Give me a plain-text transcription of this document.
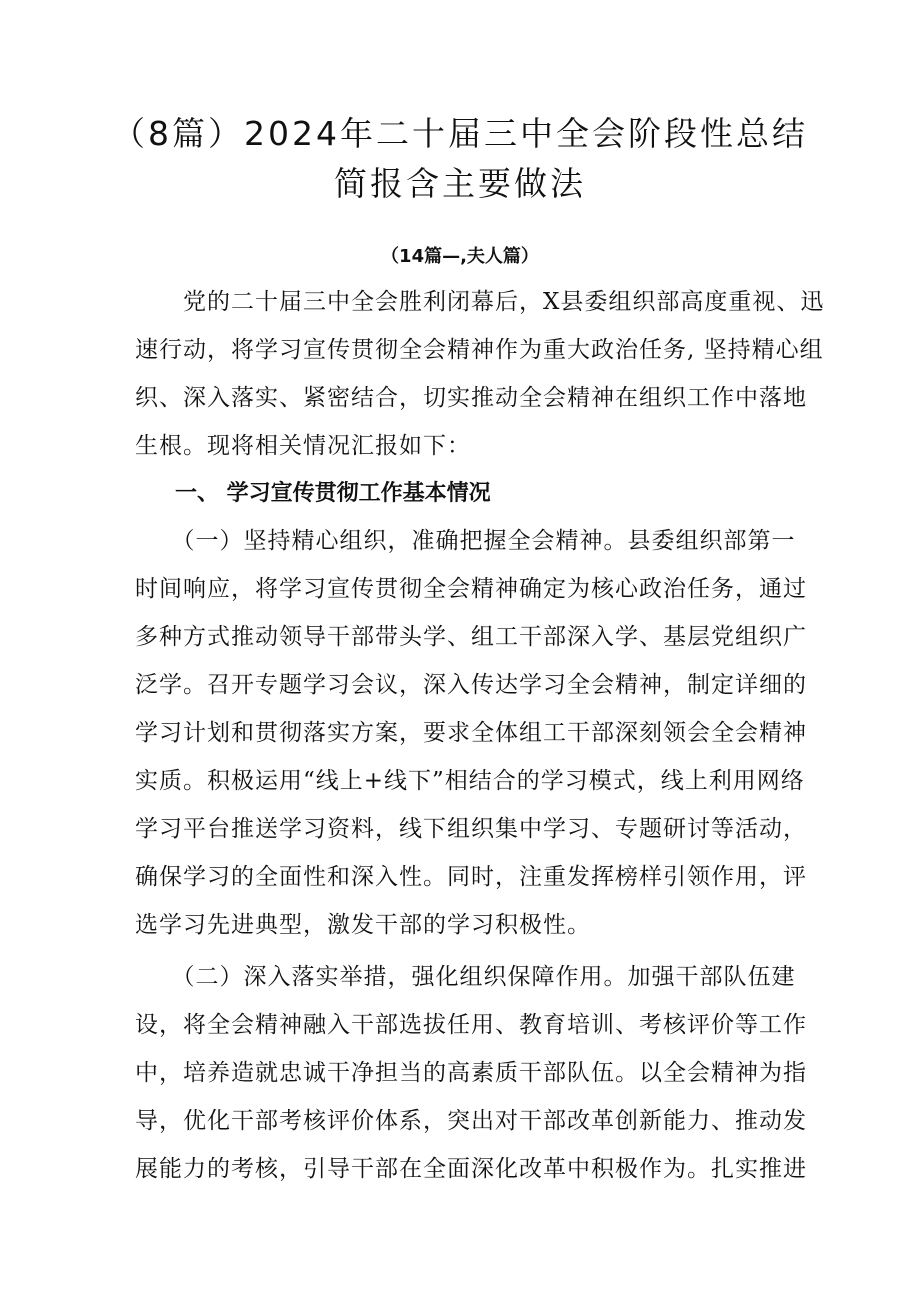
（8篇）2024年二十届三中全会阶段性总结
简报含主要做法
（14篇—,夫人篇）
　　党的二十届三中全会胜利闭幕后，X县委组织部高度重视、迅
速行动，将学习宣传贯彻全会精神作为重大政治任务, 坚持精心组
织、深入落实、紧密结合，切实推动全会精神在组织工作中落地
生根。现将相关情况汇报如下：
一、 学习宣传贯彻工作基本情况
　　（一）坚持精心组织，准确把握全会精神。县委组织部第一
时间响应，将学习宣传贯彻全会精神确定为核心政治任务，通过
多种方式推动领导干部带头学、组工干部深入学、基层党组织广
泛学。召开专题学习会议，深入传达学习全会精神，制定详细的
学习计划和贯彻落实方案，要求全体组工干部深刻领会全会精神
实质。积极运用“线上+线下”相结合的学习模式，线上利用网络
学习平台推送学习资料，线下组织集中学习、专题研讨等活动，
确保学习的全面性和深入性。同时，注重发挥榜样引领作用，评
选学习先进典型，激发干部的学习积极性。
　　（二）深入落实举措，强化组织保障作用。加强干部队伍建
设，将全会精神融入干部选拔任用、教育培训、考核评价等工作
中，培养造就忠诚干净担当的高素质干部队伍。以全会精神为指
导，优化干部考核评价体系，突出对干部改革创新能力、推动发
展能力的考核，引导干部在全面深化改革中积极作为。扎实推进
